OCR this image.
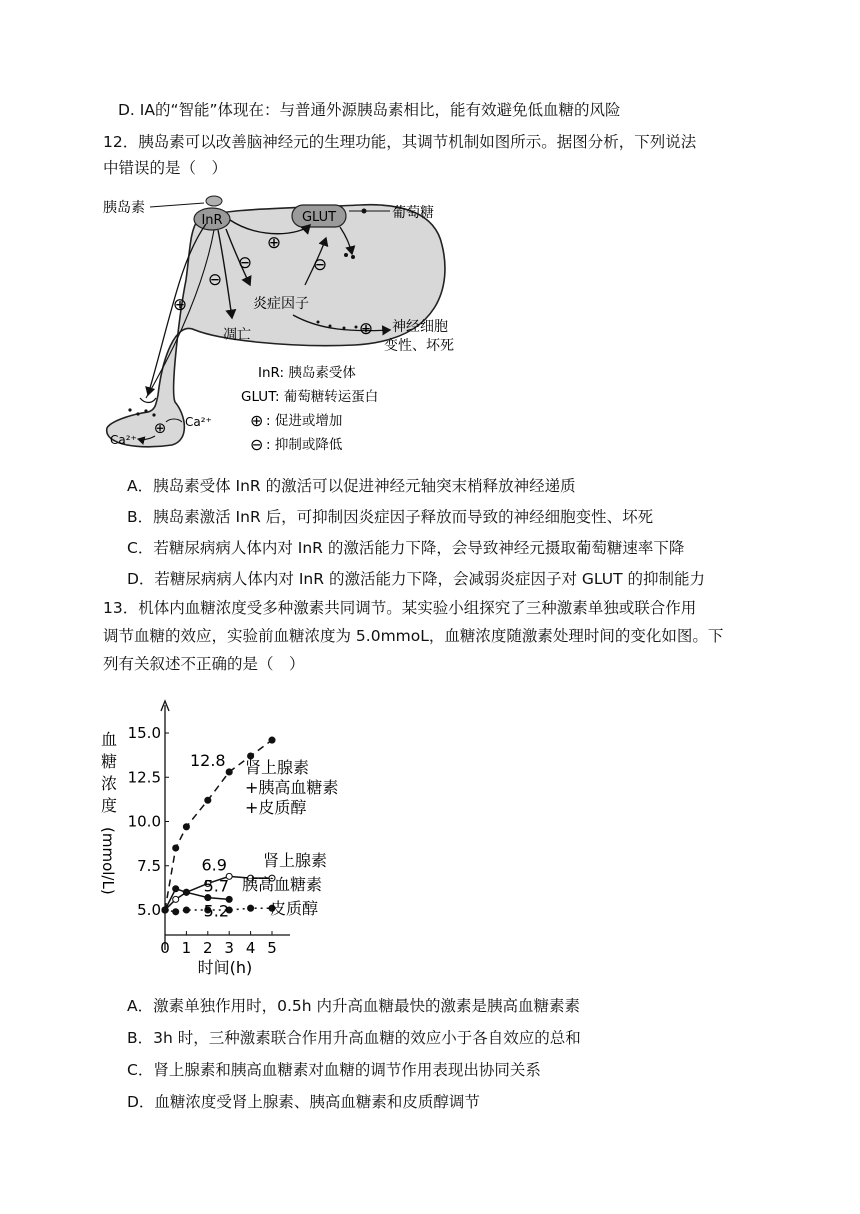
D. IA的“智能”体现在：与普通外源胰岛素相比，能有效避免低血糖的风险
12．胰岛素可以改善脑神经元的生理功能，其调节机制如图所示。据图分析，下列说法
中错误的是（　）
InR
胰岛素
GLUT	葡萄糖
⊕
⊖
⊖
凋亡
炎症因子
⊖
⊕ 神经细胞
变性、坏死
⊕
⊕ Ca²⁺
Ca²⁺
InR: 胰岛素受体
GLUT: 葡萄糖转运蛋白
⊕ : 促进或增加
⊖ : 抑制或降低
A．胰岛素受体 InR 的激活可以促进神经元轴突末梢释放神经递质
B．胰岛素激活 InR 后，可抑制因炎症因子释放而导致的神经细胞变性、坏死
C．若糖尿病病人体内对 InR 的激活能力下降，会导致神经元摄取葡萄糖速率下降
D．若糖尿病病人体内对 InR 的激活能力下降，会减弱炎症因子对 GLUT 的抑制能力
13．机体内血糖浓度受多种激素共同调节。某实验小组探究了三种激素单独或联合作用
调节血糖的效应，实验前血糖浓度为 5.0mmoL，血糖浓度随激素处理时间的变化如图。下
列有关叙述不正确的是（　）
5.0
7.5
10.0
12.5
15.0
0 1 2 3 4 5
血
糖
浓
度
(mmol/L)
时间(h)
肾上腺素
+胰高血糖素
+皮质醇
肾上腺素
胰高血糖素
皮质醇
12.8
6.9
5.7
5.2
A．激素单独作用时，0.5h 内升高血糖最快的激素是胰高血糖素素
B．3h 时，三种激素联合作用升高血糖的效应小于各自效应的总和
C．肾上腺素和胰高血糖素对血糖的调节作用表现出协同关系
D．血糖浓度受肾上腺素、胰高血糖素和皮质醇调节
